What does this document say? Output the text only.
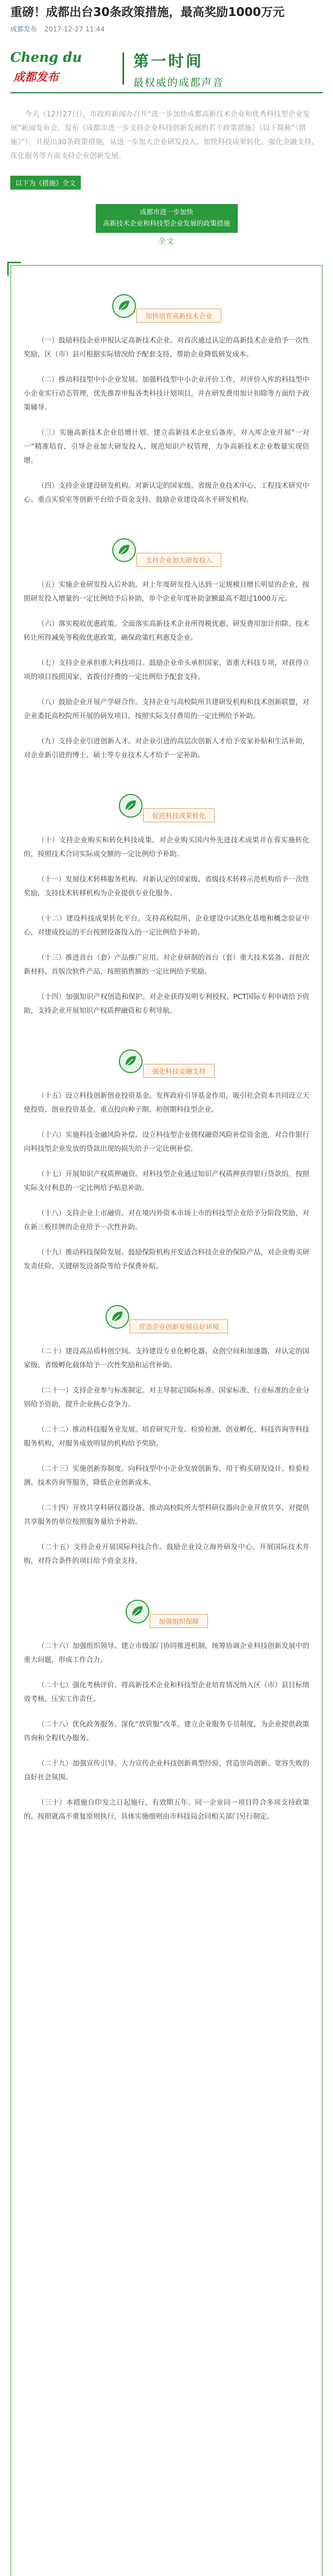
重磅！成都出台30条政策措施，最高奖励1000万元
成都发布 2017-12-27 11:44
Cheng du
成都发布
第一时间
最权威的成都声音
今天（12月27日），市政府新闻办召开“进一步加快成都高新技术企业和优秀科技型企业发展”新闻发布会，发布《成都市进一步支持企业科技创新发展的若干政策措施》（以下简称“《措施》”），共提出30条政策措施，从进一步加大企业研发投入、加快科技成果转化、强化金融支持、优化服务等方面支持企业创新发展。
以下为《措施》全文
成都市进一步加快
高新技术企业和科技型企业发展的政策措施
全文
加快培育高新技术企业
（一）鼓励科技企业申报认定高新技术企业。对首次通过认定的高新技术企业给予一次性奖励，区（市）县可根据实际情况给予配套支持，帮助企业降低研发成本。
（二）推动科技型中小企业发展。加强科技型中小企业评价工作，对评价入库的科技型中小企业实行动态管理，优先推荐申报各类科技计划项目，并在研发费用加计扣除等方面给予政策辅导。
（三）实施高新技术企业倍增计划。建立高新技术企业后备库，对入库企业开展“一对一”精准培育，引导企业加大研发投入、规范知识产权管理，力争高新技术企业数量实现倍增。
（四）支持企业建设研发机构。对新认定的国家级、省级企业技术中心、工程技术研究中心、重点实验室等创新平台给予资金支持，鼓励企业建设高水平研发机构。
支持企业加大研发投入
（五）实施企业研发投入后补助。对上年度研发投入达到一定规模且增长明显的企业，按照研发投入增量的一定比例给予后补助，单个企业年度补助金额最高不超过1000万元。
（六）落实税收优惠政策。全面落实高新技术企业所得税优惠、研发费用加计扣除、技术转让所得减免等税收优惠政策，确保政策红利惠及企业。
（七）支持企业承担重大科技项目。鼓励企业牵头承担国家、省重大科技专项，对获得立项的项目按照国家、省拨付经费的一定比例给予配套支持。
（八）鼓励企业开展产学研合作。支持企业与高校院所共建研发机构和技术创新联盟，对企业委托高校院所开展的研发项目，按照实际支付费用的一定比例给予补助。
（九）支持企业引进创新人才。对企业引进的高层次创新人才给予安家补贴和生活补助，对企业新引进的博士、硕士等专业技术人才给予一定补助。
促进科技成果转化
（十）支持企业购买和转化科技成果。对企业购买国内外先进技术成果并在蓉实施转化的，按照技术合同实际成交额的一定比例给予补助。
（十一）发展技术转移服务机构。对新认定的国家级、省级技术转移示范机构给予一次性奖励，支持技术转移机构为企业提供专业化服务。
（十二）建设科技成果转化平台。支持高校院所、企业建设中试熟化基地和概念验证中心，对建成投运的平台按照设备投入的一定比例给予补助。
（十三）推进首台（套）产品推广应用。对企业研制的首台（套）重大技术装备、首批次新材料、首版次软件产品，按照销售额的一定比例给予奖励。
（十四）加强知识产权创造和保护。对企业获得发明专利授权、PCT国际专利申请给予资助，支持企业开展知识产权质押融资和专利导航。
强化科技金融支持
（十五）设立科技创新创业投资基金。发挥政府引导基金作用，吸引社会资本共同设立天使投资、创业投资基金，重点投向种子期、初创期科技型企业。
（十六）实施科技金融风险补偿。设立科技型企业债权融资风险补偿资金池，对合作银行向科技型企业发放的贷款出现的损失给予一定比例补偿。
（十七）开展知识产权质押融资。对科技型企业通过知识产权质押获得银行贷款的，按照实际支付利息的一定比例给予贴息补助。
（十八）支持企业上市融资。对在境内外资本市场上市的科技型企业给予分阶段奖励，对在新三板挂牌的企业给予一次性补助。
（十九）推动科技保险发展。鼓励保险机构开发适合科技企业的保险产品，对企业购买研发责任险、关键研发设备险等给予保费补贴。
营造企业创新发展良好环境
（二十）建设高品质科创空间。支持建设专业化孵化器、众创空间和加速器，对认定的国家级、省级孵化载体给予一次性奖励和运营补助。
（二十一）支持企业参与标准制定。对主导制定国际标准、国家标准、行业标准的企业分别给予资助，提升企业核心竞争力。
（二十二）推动科技服务业发展。培育研究开发、检验检测、创业孵化、科技咨询等科技服务机构，对服务成效明显的机构给予奖励。
（二十三）实施创新券制度。向科技型中小企业发放创新券，用于购买研发设计、检验检测、技术咨询等服务，降低企业创新成本。
（二十四）开放共享科研仪器设备。推动高校院所大型科研仪器向企业开放共享，对提供共享服务的单位按照服务量给予补助。
（二十五）支持企业开展国际科技合作。鼓励企业设立海外研发中心、开展国际技术并购，对符合条件的项目给予资金支持。
加强组织保障
（二十六）加强组织领导。建立市级部门协同推进机制，统筹协调企业科技创新发展中的重大问题，形成工作合力。
（二十七）强化考核评价。将高新技术企业和科技型企业培育情况纳入区（市）县目标绩效考核，压实工作责任。
（二十八）优化政务服务。深化“放管服”改革，建立企业服务专员制度，为企业提供政策咨询和全程代办服务。
（二十九）加强宣传引导。大力宣传企业科技创新典型经验，营造崇尚创新、宽容失败的良好社会氛围。
（三十）本措施自印发之日起施行，有效期五年。同一企业同一项目符合多项支持政策的，按照就高不重复原则执行，具体实施细则由市科技局会同相关部门另行制定。
